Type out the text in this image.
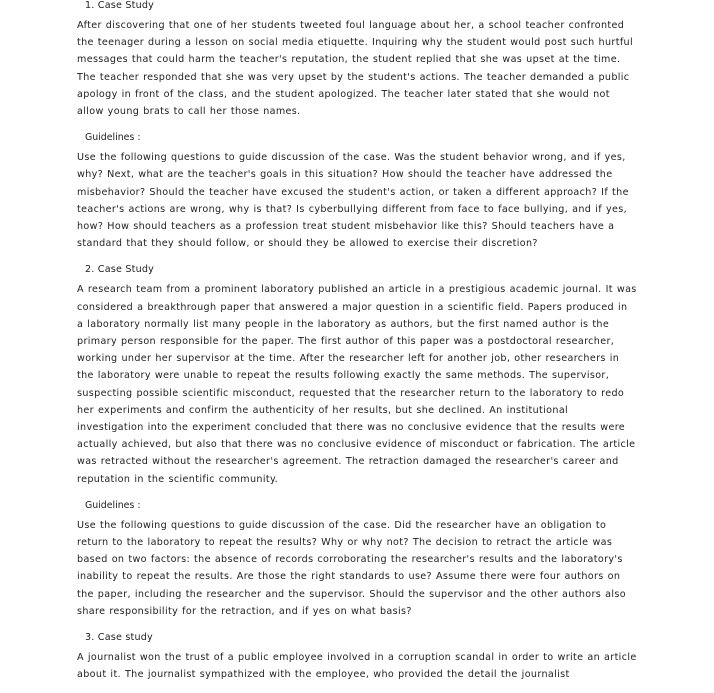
1. Case Study
After discovering that one of her students tweeted foul language about her, a school teacher confronted the teenager during a lesson on social media etiquette. Inquiring why the student would post such hurtful messages that could harm the teacher's reputation, the student replied that she was upset at the time. The teacher responded that she was very upset by the student's actions. The teacher demanded a public apology in front of the class, and the student apologized. The teacher later stated that she would not allow young brats to call her those names.
Guidelines :
Use the following questions to guide discussion of the case. Was the student behavior wrong, and if yes, why? Next, what are the teacher's goals in this situation? How should the teacher have addressed the misbehavior? Should the teacher have excused the student's action, or taken a different approach? If the teacher's actions are wrong, why is that? Is cyberbullying different from face to face bullying, and if yes, how? How should teachers as a profession treat student misbehavior like this? Should teachers have a standard that they should follow, or should they be allowed to exercise their discretion?
2. Case Study
A research team from a prominent laboratory published an article in a prestigious academic journal. It was considered a breakthrough paper that answered a major question in a scientific field. Papers produced in a laboratory normally list many people in the laboratory as authors, but the first named author is the primary person responsible for the paper. The first author of this paper was a postdoctoral researcher, working under her supervisor at the time. After the researcher left for another job, other researchers in the laboratory were unable to repeat the results following exactly the same methods. The supervisor, suspecting possible scientific misconduct, requested that the researcher return to the laboratory to redo her experiments and confirm the authenticity of her results, but she declined. An institutional investigation into the experiment concluded that there was no conclusive evidence that the results were actually achieved, but also that there was no conclusive evidence of misconduct or fabrication. The article was retracted without the researcher's agreement. The retraction damaged the researcher's career and reputation in the scientific community.
Guidelines :
Use the following questions to guide discussion of the case. Did the researcher have an obligation to return to the laboratory to repeat the results? Why or why not? The decision to retract the article was based on two factors: the absence of records corroborating the researcher's results and the laboratory's inability to repeat the results. Are those the right standards to use? Assume there were four authors on the paper, including the researcher and the supervisor. Should the supervisor and the other authors also share responsibility for the retraction, and if yes on what basis?
3. Case study
A journalist won the trust of a public employee involved in a corruption scandal in order to write an article about it. The journalist sympathized with the employee, who provided the detail the journalist
